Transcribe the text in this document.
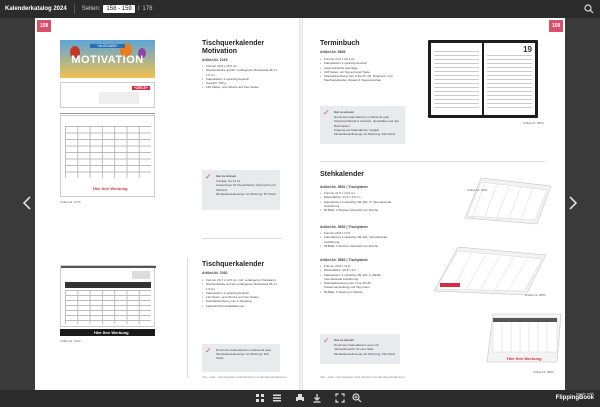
Kalenderkatalog 2024	Seiten:	158 - 159	/ 178
158
+AUSGABE+
MOTIVATION
+ZIELE+
Hier Ihre Werbung
Artikel-Nr. 1015
Tischquerkalender
Motivation
Artikel-Nr. 1015
• Format: 29,8 x 15,5 cm
• Wochenblöcke auf der verlängerten Rückwand 29,4 x 1,5 cm
• Kalendarium 1-sprachig deutsch
• Gewicht: 195 g
• 120 Seiten, eine Woche auf zwei Seiten
✓ Gut zu wissen
Vorrätig: bis 31.12.
Kostenfreier für Deutschland, Österreich und Schweiz
Mindestbestellmenge mit Werbung: 50 Stück
Hier Ihre Werbung
Artikel-Nr. 1062
Tischquerkalender
Artikel-Nr. 1062
• Format: 29,7 x 10,5 cm, inkl. verlängerter Rückwand
• Wochenblöcke auf der verlängerten Rückwand 29,4 x 1,5 cm
• Kalendarium 1-sprachig deutsch
• 112 Seiten, eine Woche auf zwei Seiten
• Standardwerbung zum 1-Sprachig
• Farbzell Chromstahlklammer
✓ Druck des Kalendariums umfassend grau
Mindestbestellmenge mit Werbung: 100 Stück
Info-, stab- und Vorgaben sind ähnlich und ständige Reaktionen.
159
Terminbuch
Artikel-Nr. 9809
• Format: 14,5 x 20,4 cm
• Kalendarium 1-sprachig deutsch
• österreichische Feiertage
• 128 Seiten, ein Tag auf einer Seite
• Standardwerbung zum 0 die 21 Uhr, Ringbuch- und Taschenkalender, Zuweis 6 Tagesvorschau
✓ Gut zu wissen
Druck des Kalendariums umfassend grau
Schwarzeinband in schwarz, dunkelblau und den Buchrücken
Prägung auf Kalendarium möglich
Mindestbestellmenge mit Werbung: 100 Stück
19
Artikel-Nr. 9809
Stehkalender
Artikel-Nr. 9651 | Tischplaner
• Format: 21,5 x 14,5 cm
• Werbefläche: 21,5 x 4,5 cm
• Kalendarium 1-sprachig: DE, EN, IT, Internationale Ausführung
• 56 Blatt, 2 Wochen Übersicht pro Woche
Artikel-Nr. 9652 | Tischplaner
• Format: 29,8 x 17,8
• Kalendarium 1-sprachig: DE, EN, Internationale Ausführung
• 56 Blatt, 1 Wochen Übersicht pro Woche
Artikel-Nr. 9663 | Tischplaner
• Format: 29,8 x 11,8
• Werbefläche: 29,8 x 3,2
• Kalendarium 1-sprachig: DE, EN, 2, DEVE, Internationale Ausführung
• Standardwerbung zum 1 bis 25 Uhr, Zusammenstellung und Tag Linien
• 56 Blatt, 1 Woche pro Woche
✓ Gut zu wissen
Druck des Kalendariums grau mit
Jahresübersicht für eine Seite
Mindestbestellmenge mit Werbung: 100 Stück
Info-, stab- und Vorgaben sind ähnlich und ständige Reaktionen.
Artikel-Nr. 9651
Artikel-Nr. 9652
Hier Ihre Werbung
Artikel-Nr. 9663
made with
FlippingBook
